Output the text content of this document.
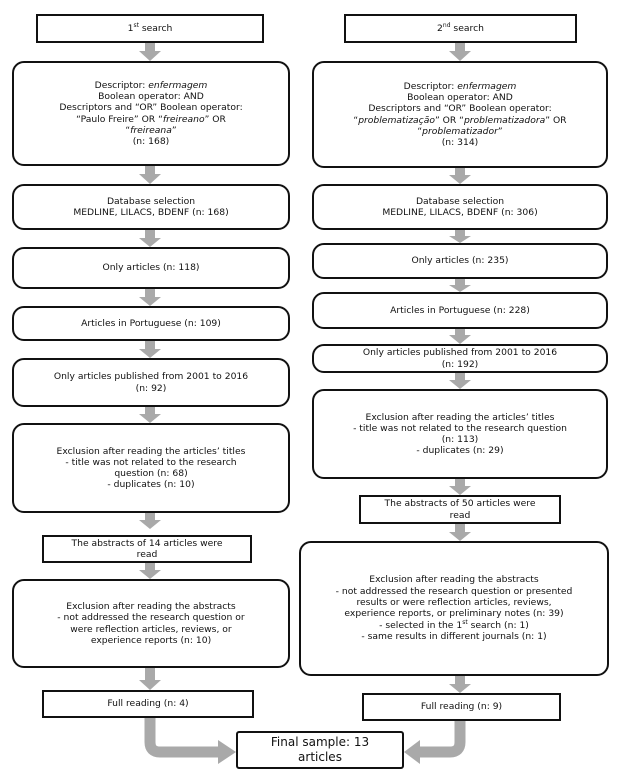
1st search
Descriptor: enfermagem
Boolean operator: AND
Descriptors and “OR” Boolean operator:
“Paulo Freire” OR “freireano” OR
“freireana”
(n: 168)
Database selection
MEDLINE, LILACS, BDENF (n: 168)
Only articles (n: 118)
Articles in Portuguese (n: 109)
Only articles published from 2001 to 2016
(n: 92)
Exclusion after reading the articles’ titles
- title was not related to the research
question (n: 68)
- duplicates (n: 10)
The abstracts of 14 articles were
read
Exclusion after reading the abstracts
- not addressed the research question or
were reflection articles, reviews, or
experience reports (n: 10)
Full reading (n: 4)
2nd search
Descriptor: enfermagem
Boolean operator: AND
Descriptors and “OR” Boolean operator:
“problematização” OR “problematizadora” OR
“problematizador”
(n: 314)
Database selection
MEDLINE, LILACS, BDENF (n: 306)
Only articles (n: 235)
Articles in Portuguese (n: 228)
Only articles published from 2001 to 2016
(n: 192)
Exclusion after reading the articles’ titles
- title was not related to the research question
(n: 113)
- duplicates (n: 29)
The abstracts of 50 articles were
read
Exclusion after reading the abstracts
- not addressed the research question or presented
results or were reflection articles, reviews,
experience reports, or preliminary notes (n: 39)
- selected in the 1st search (n: 1)
- same results in different journals (n: 1)
Full reading (n: 9)
Final sample: 13
articles
